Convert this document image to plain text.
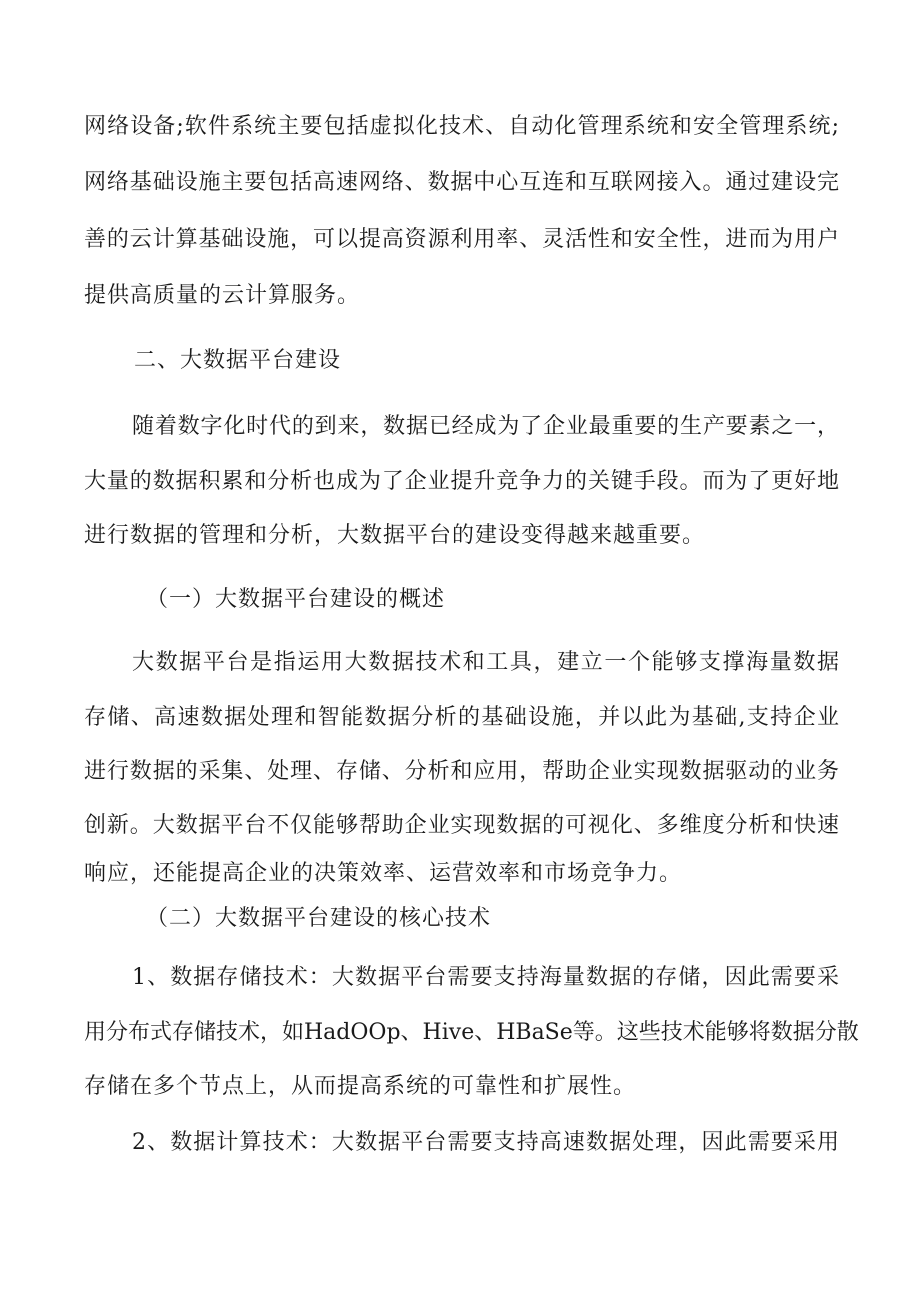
网络设备;软件系统主要包括虚拟化技术、自动化管理系统和安全管理系统;
网络基础设施主要包括高速网络、数据中心互连和互联网接入。通过建设完
善的云计算基础设施，可以提高资源利用率、灵活性和安全性，进而为用户
提供高质量的云计算服务。
二、大数据平台建设
随着数字化时代的到来，数据已经成为了企业最重要的生产要素之一，
大量的数据积累和分析也成为了企业提升竞争力的关键手段。而为了更好地
进行数据的管理和分析，大数据平台的建设变得越来越重要。
（一）大数据平台建设的概述
大数据平台是指运用大数据技术和工具，建立一个能够支撑海量数据
存储、高速数据处理和智能数据分析的基础设施，并以此为基础,支持企业
进行数据的采集、处理、存储、分析和应用，帮助企业实现数据驱动的业务
创新。大数据平台不仅能够帮助企业实现数据的可视化、多维度分析和快速
响应，还能提高企业的决策效率、运营效率和市场竞争力。
（二）大数据平台建设的核心技术
1、数据存储技术：大数据平台需要支持海量数据的存储，因此需要采
用分布式存储技术，如HadOOp、Hive、HBaSe等。这些技术能够将数据分散
存储在多个节点上，从而提高系统的可靠性和扩展性。
2、数据计算技术：大数据平台需要支持高速数据处理，因此需要采用
